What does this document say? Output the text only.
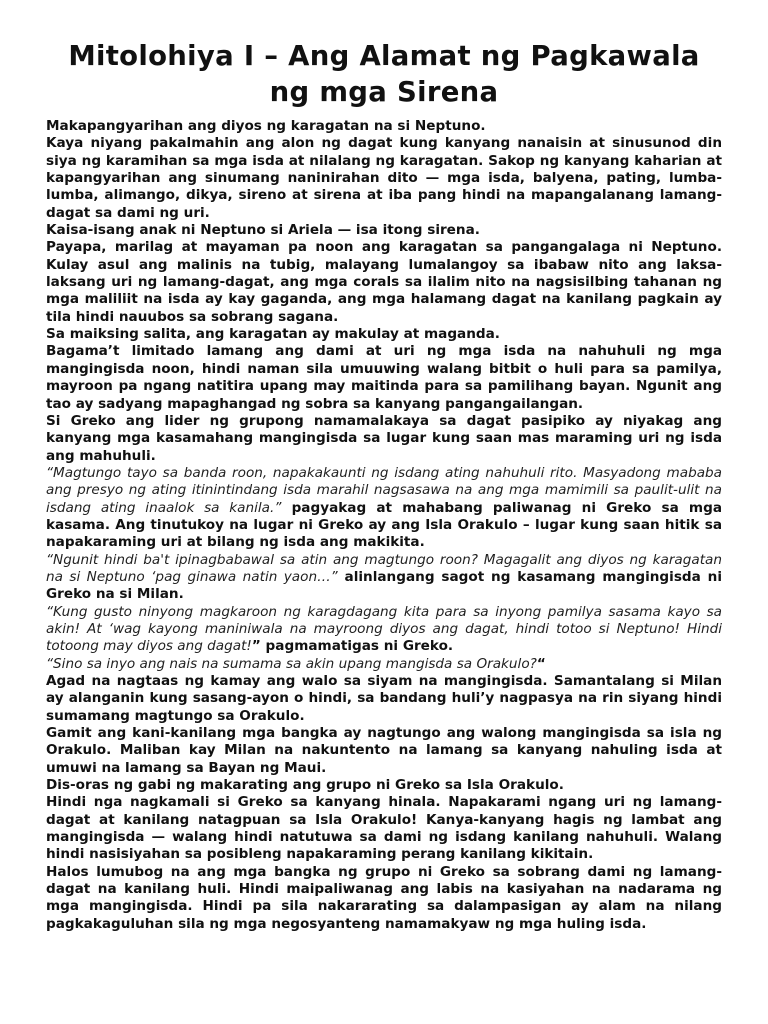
Mitolohiya I – Ang Alamat ng Pagkawala ng mga Sirena

Makapangyarihan ang diyos ng karagatan na si Neptuno.

Kaya niyang pakalmahin ang alon ng dagat kung kanyang nanaisin at sinusunod din siya ng karamihan sa mga isda at nilalang ng karagatan. Sakop ng kanyang kaharian at kapangyarihan ang sinumang naninirahan dito — mga isda, balyena, pating, lumba-lumba, alimango, dikya, sireno at sirena at iba pang hindi na mapangalanang lamang-dagat sa dami ng uri.

Kaisa-isang anak ni Neptuno si Ariela — isa itong sirena.

Payapa, marilag at mayaman pa noon ang karagatan sa pangangalaga ni Neptuno. Kulay asul ang malinis na tubig, malayang lumalangoy sa ibabaw nito ang laksa-laksang uri ng lamang-dagat, ang mga corals sa ilalim nito na nagsisilbing tahanan ng mga maliliit na isda ay kay gaganda, ang mga halamang dagat na kanilang pagkain ay tila hindi nauubos sa sobrang sagana.

Sa maiksing salita, ang karagatan ay makulay at maganda.

Bagama’t limitado lamang ang dami at uri ng mga isda na nahuhuli ng mga mangingisda noon, hindi naman sila umuuwing walang bitbit o huli para sa pamilya, mayroon pa ngang natitira upang may maitinda para sa pamilihang bayan. Ngunit ang tao ay sadyang mapaghangad ng sobra sa kanyang pangangailangan.

Si Greko ang lider ng grupong namamalakaya sa dagat pasipiko ay niyakag ang kanyang mga kasamahang mangingisda sa lugar kung saan mas maraming uri ng isda ang mahuhuli.

“Magtungo tayo sa banda roon, napakakaunti ng isdang ating nahuhuli rito. Masyadong mababa ang presyo ng ating itinintindang isda marahil nagsasawa na ang mga mamimili sa paulit-ulit na isdang ating inaalok sa kanila.” pagyakag at mahabang paliwanag ni Greko sa mga kasama. Ang tinutukoy na lugar ni Greko ay ang Isla Orakulo – lugar kung saan hitik sa napakaraming uri at bilang ng isda ang makikita.

“Ngunit hindi ba't ipinagbabawal sa atin ang magtungo roon? Magagalit ang diyos ng karagatan na si Neptuno ‘pag ginawa natin yaon…” alinlangang sagot ng kasamang mangingisda ni Greko na si Milan.

“Kung gusto ninyong magkaroon ng karagdagang kita para sa inyong pamilya sasama kayo sa akin! At ‘wag kayong maniniwala na mayroong diyos ang dagat, hindi totoo si Neptuno! Hindi totoong may diyos ang dagat!” pagmamatigas ni Greko.

“Sino sa inyo ang nais na sumama sa akin upang mangisda sa Orakulo?“

Agad na nagtaas ng kamay ang walo sa siyam na mangingisda. Samantalang si Milan ay alanganin kung sasang-ayon o hindi, sa bandang huli’y nagpasya na rin siyang hindi sumamang magtungo sa Orakulo.

Gamit ang kani-kanilang mga bangka ay nagtungo ang walong mangingisda sa isla ng Orakulo. Maliban kay Milan na nakuntento na lamang sa kanyang nahuling isda at umuwi na lamang sa Bayan ng Maui.

Dis-oras ng gabi ng makarating ang grupo ni Greko sa Isla Orakulo.

Hindi nga nagkamali si Greko sa kanyang hinala. Napakarami ngang uri ng lamang-dagat at kanilang natagpuan sa Isla Orakulo! Kanya-kanyang hagis ng lambat ang mangingisda — walang hindi natutuwa sa dami ng isdang kanilang nahuhuli. Walang hindi nasisiyahan sa posibleng napakaraming perang kanilang kikitain.

Halos lumubog na ang mga bangka ng grupo ni Greko sa sobrang dami ng lamang-dagat na kanilang huli. Hindi maipaliwanag ang labis na kasiyahan na nadarama ng mga mangingisda. Hindi pa sila nakararating sa dalampasigan ay alam na nilang pagkakaguluhan sila ng mga negosyanteng namamakyaw ng mga huling isda.
